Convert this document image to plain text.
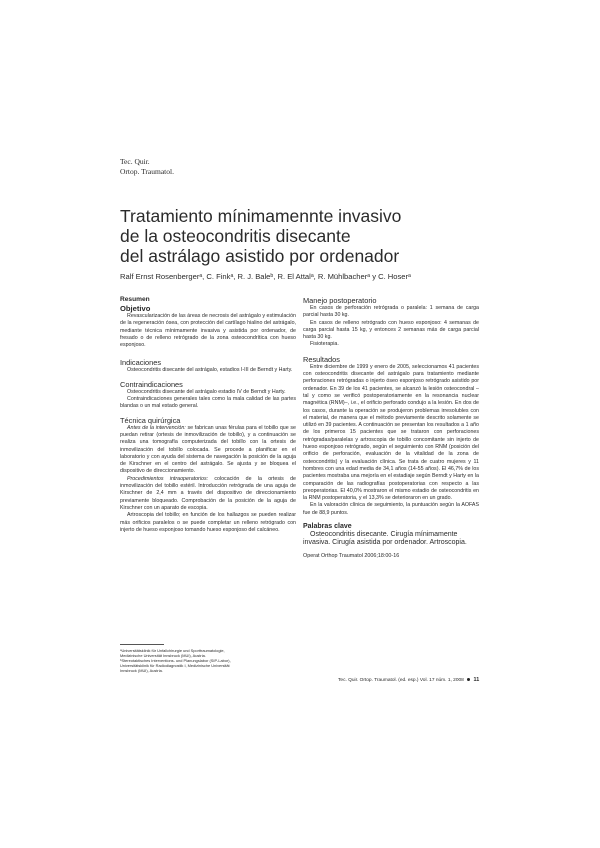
Tec. Quir.
Ortop. Traumatol.
Tratamiento mínimamennte invasivo
de la osteocondritis disecante
del astrálago asistido por ordenador
Ralf Ernst Rosenbergerᵃ, C. Finkᵃ, R. J. Baleᵇ, R. El Attalᵃ, R. Mühlbacherᵃ y C. Hoserᵃ
Resumen
Objetivo

Revascularización de las áreas de necrosis del astrágalo y estimulación de la regeneración ósea, con protección del cartílago hialino del astrágalo, mediante técnica mínimamente invasiva y asistida por ordenador, de fresado o de relleno retrógrado de la zona osteocondrítica con hueso esponjoso.

Indicaciones

Osteocondritis disecante del astrágalo, estadios I-III de Berndt y Harty.

Contraindicaciones

Osteocondritis disecante del astrágalo estadio IV de Berndt y Harty.

Contraindicaciones generales tales como la mala calidad de las partes blandas o un mal estado general.

Técnica quirúrgica

Antes de la intervención: se fabrican unas férulas para el tobillo que se puedan retirar (ortesis de inmovilización de tobillo), y a continuación se realiza una tomografía computerizada del tobillo con la ortesis de inmovilización del tobillo colocada. Se procede a planificar en el laboratorio y con ayuda del sistema de navegación la posición de la aguja de Kirschner en el centro del astrágalo. Se ajusta y se bloquea el dispositivo de direccionamiento.

Procedimientos intraoperatorios: colocación de la ortesis de inmovilización del tobillo estéril. Introducción retrógrada de una aguja de Kirschner de 2,4 mm a través del dispositivo de direccionamiento previamente bloqueado. Comprobación de la posición de la aguja de Kirschner con un aparato de escopia.

Artroscopia del tobillo; en función de los hallazgos se pueden realizar más orificios paralelos o se puede completar un relleno retrógrado con injerto de hueso esponjoso tomando hueso esponjoso del calcáneo.

Manejo postoperatorio

En casos de perforación retrógrada o paralela: 1 semana de carga parcial hasta 30 kg.

En casos de relleno retrógrado con hueso esponjoso: 4 semanas de carga parcial hasta 15 kg, y entonces 2 semanas más de carga parcial hasta 30 kg.

Fisioterapia.

Resultados

Entre diciembre de 1999 y enero de 2005, seleccionamos 41 pacientes con osteocondritis disecante del astrágalo para tratamiento mediante perforaciones retrógradas o injerto óseo esponjoso retrógrado asistido por ordenador. En 39 de los 41 pacientes, se alcanzó la lesión osteocondral –tal y como se verificó postoperatoriamente en la resonancia nuclear magnética (RNM)–, i.e., el orificio perforado condujo a la lesión. En dos de los casos, durante la operación se produjeron problemas irresolubles con el material, de manera que el método previamente descrito solamente se utilizó en 39 pacientes. A continuación se presentan los resultados a 1 año de los primeros 15 pacientes que se trataron con perforaciones retrógradas/paralelas y artroscopia de tobillo concomitante sin injerto de hueso esponjoso retrógrado, según el seguimiento con RNM (posición del orificio de perforación, evaluación de la vitalidad de la zona de osteocondritis) y la evaluación clínica. Se trata de cuatro mujeres y 11 hombres con una edad media de 34,1 años (14-55 años). El 46,7% de los pacientes mostraba una mejoría en el estadiaje según Berndt y Harty en la comparación de las radiografías postoperatorias con respecto a las preoperatorias. El 40,0% mostraron el mismo estadio de osteocondritis en la RNM postoperatoria, y el 13,3% se deterioraron en un grado.

En la valoración clínica de seguimiento, la puntuación según la AOFAS fue de 88,9 puntos.

Palabras clave

Osteocondritis disecante. Cirugía mínimamente invasiva. Cirugía asistida por ordenador. Artroscopia.

Operat Orthop Traumatol 2006;18:00-16

ᵃUniversitätsklinik für Unfallchirurgie und Sporttraumatologie,

Medizinische Universität Innsbruck (MUI), Austria.

ᵇStereotaktisches Interventions- und Planungslabor (SIP-Labor),

Universitätsklinik für Radiodiagnostik I, Medizinische Universität

Innsbruck (MUI), Austria.

Tec. Quir. Ortop. Traumatol. (ed. esp.) Vol. 17 núm. 1, 2008 11
